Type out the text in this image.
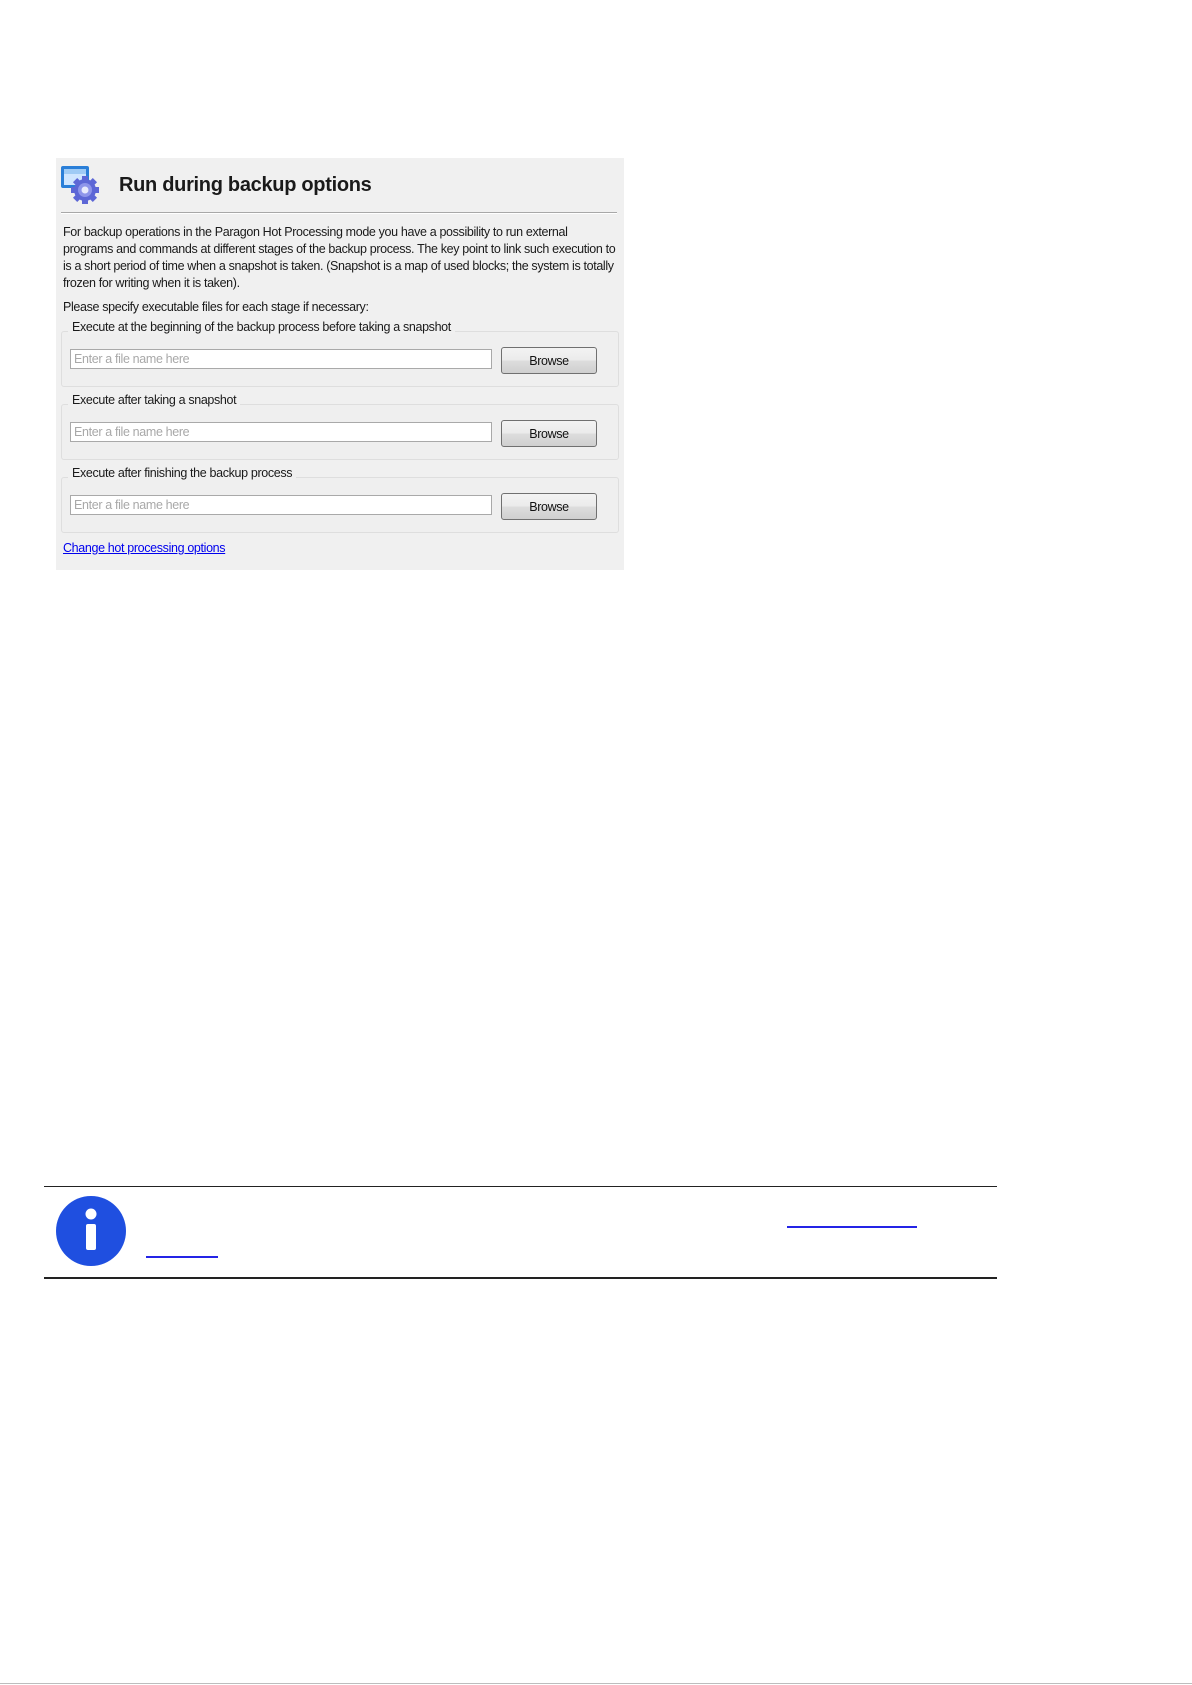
Run during backup options
For backup operations in the Paragon Hot Processing mode you have a possibility to run external programs and commands at different stages of the backup process. The key point to link such execution to is a short period of time when a snapshot is taken. (Snapshot is a map of used blocks; the system is totally frozen for writing when it is taken).
Please specify executable files for each stage if necessary:
Execute at the beginning of the backup process before taking a snapshot
Enter a file name here
Browse
Execute after taking a snapshot
Enter a file name here
Browse
Execute after finishing the backup process
Enter a file name here
Browse
Change hot processing options
